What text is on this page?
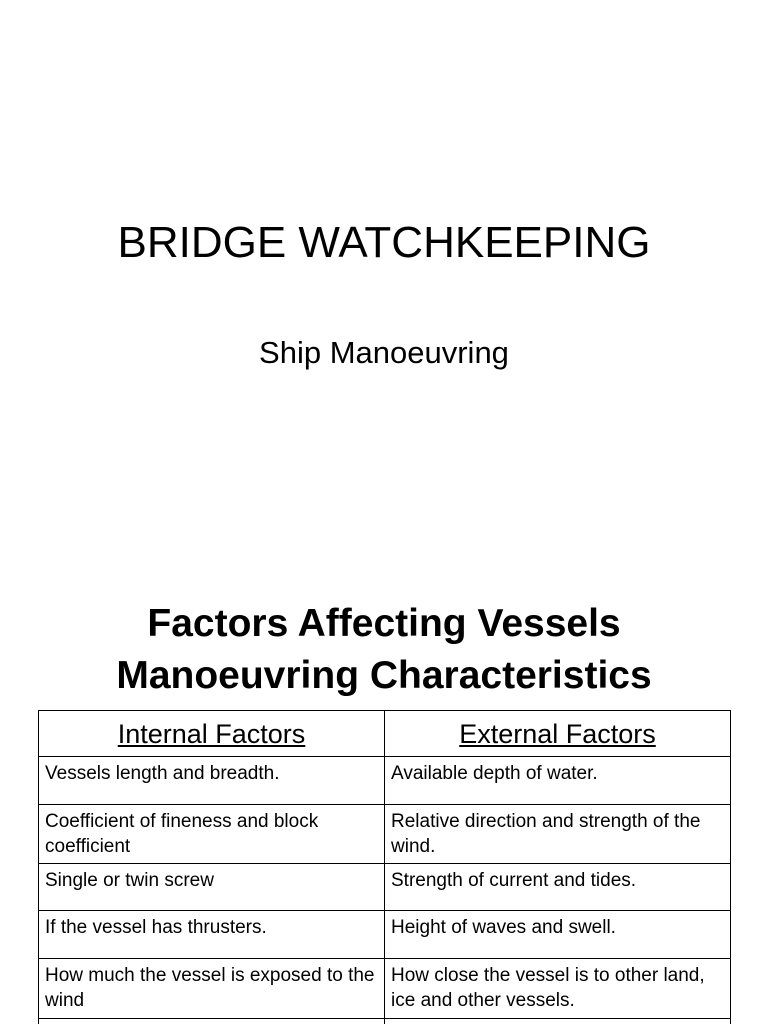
BRIDGE WATCHKEEPING

Ship Manoeuvring

Factors Affecting Vessels
Manoeuvring Characteristics
Internal Factors	External Factors
Vessels length and breadth.	Available depth of water.
Coefficient of fineness and block coefficient	Relative direction and strength of the wind.
Single or twin screw	Strength of current and tides.
If the vessel has thrusters.	Height of waves and swell.
How much the vessel is exposed to the wind	How close the vessel is to other land, ice and other vessels.
